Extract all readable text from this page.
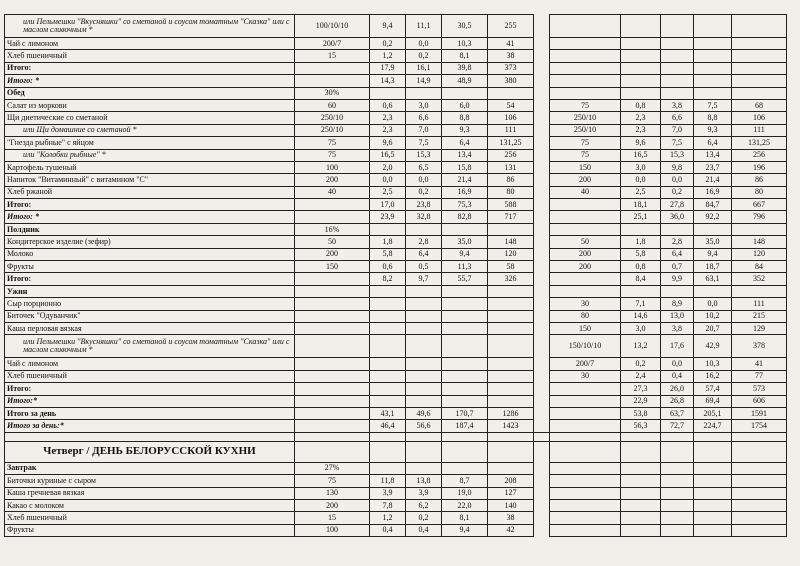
или Пельмешки "Вкусняшки" со сметаной и соусом томатным "Сказка" или с маслом сливочным *	100/10/10	9,4	11,1	30,5	255						
Чай с лимоном	200/7	0,2	0,0	10,3	41						
Хлеб пшеничный	15	1,2	0,2	8,1	38						
Итого:		17,9	16,1	39,8	373						
Итого: *		14,3	14,9	48,9	380						
Обед	30%										
Салат из моркови	60	0,6	3,0	6,0	54		75	0,8	3,8	7,5	68
Щи диетические со сметаной	250/10	2,3	6,6	8,8	106		250/10	2,3	6,6	8,8	106
или Щи домашние со сметаной *	250/10	2,3	7,0	9,3	111		250/10	2,3	7,0	9,3	111
"Гнезда рыбные" с яйцом	75	9,6	7,5	6,4	131,25		75	9,6	7,5	6,4	131,25
или "Колобки рыбные" *	75	16,5	15,3	13,4	256		75	16,5	15,3	13,4	256
Картофель тушеный	100	2,0	6,5	15,8	131		150	3,0	9,8	23,7	196
Напиток "Витаминный" с витамином "С"	200	0,0	0,0	21,4	86		200	0,0	0,0	21,4	86
Хлеб ржаной	40	2,5	0,2	16,9	80		40	2,5	0,2	16,9	80
Итого:		17,0	23,8	75,3	588			18,1	27,8	84,7	667
Итого: *		23,9	32,8	82,8	717			25,1	36,0	92,2	796
Полдник	16%										
Кондитерское изделие (зефир)	50	1,8	2,8	35,0	148		50	1,8	2,8	35,0	148
Молоко	200	5,8	6,4	9,4	120		200	5,8	6,4	9,4	120
Фрукты	150	0,6	0,5	11,3	58		200	0,8	0,7	18,7	84
Итого:		8,2	9,7	55,7	326			8,4	9,9	63,1	352
Ужин											
Сыр порционно							30	7,1	8,9	0,0	111
Биточек "Одуванчик"							80	14,6	13,0	10,2	215
Каша перловая вязкая							150	3,0	3,8	20,7	129
или Пельмешки "Вкусняшки" со сметаной и соусом томатным "Сказка" или с маслом сливочным *							150/10/10	13,2	17,6	42,9	378
Чай с лимоном							200/7	0,2	0,0	10,3	41
Хлеб пшеничный							30	2,4	0,4	16,2	77
Итого:								27,3	26,0	57,4	573
Итого:*								22,9	26,8	69,4	606
Итого за день		43,1	49,6	170,7	1286			53,8	63,7	205,1	1591
Итого за день:*		46,4	56,6	187,4	1423			56,3	72,7	224,7	1754

Четверг / ДЕНЬ БЕЛОРУССКОЙ КУХНИ											
Завтрак	27%										
Биточки куриные с сыром	75	11,8	13,8	8,7	208						
Каша гречневая вязкая	130	3,9	3,9	19,0	127						
Какао с молоком	200	7,8	6,2	22,0	140						
Хлеб пшеничный	15	1,2	0,2	8,1	38						
Фрукты	100	0,4	0,4	9,4	42						
